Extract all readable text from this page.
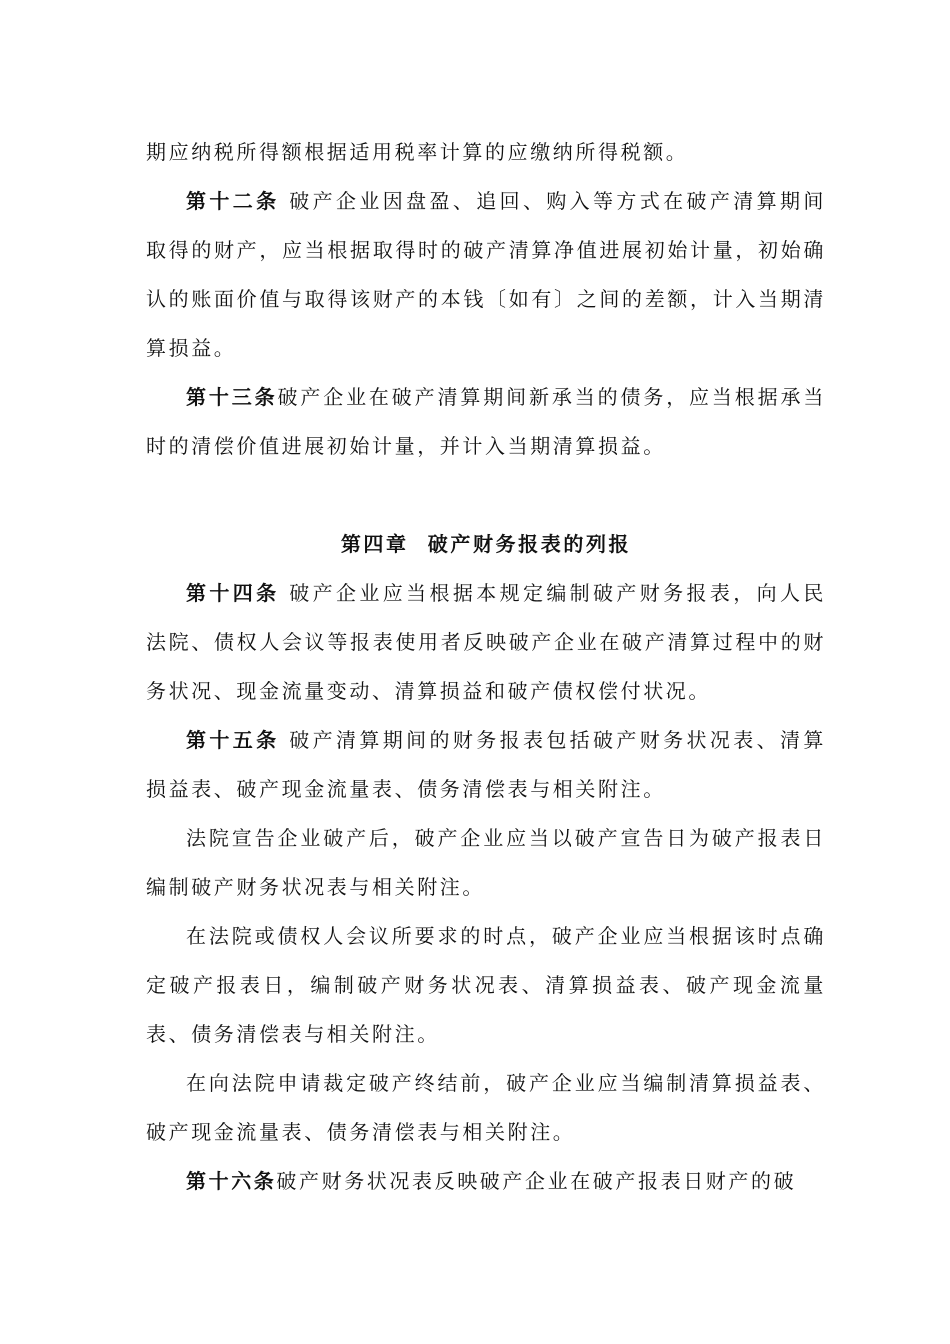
期应纳税所得额根据适用税率计算的应缴纳所得税额。

第十二条 破产企业因盘盈、追回、购入等方式在破产清算期间取得的财产，应当根据取得时的破产清算净值进展初始计量，初始确认的账面价值与取得该财产的本钱〔如有〕之间的差额，计入当期清算损益。

第十三条破产企业在破产清算期间新承当的债务，应当根据承当时的清偿价值进展初始计量，并计入当期清算损益。

第四章  破产财务报表的列报

第十四条 破产企业应当根据本规定编制破产财务报表，向人民法院、债权人会议等报表使用者反映破产企业在破产清算过程中的财务状况、现金流量变动、清算损益和破产债权偿付状况。

第十五条 破产清算期间的财务报表包括破产财务状况表、清算损益表、破产现金流量表、债务清偿表与相关附注。

法院宣告企业破产后，破产企业应当以破产宣告日为破产报表日编制破产财务状况表与相关附注。

在法院或债权人会议所要求的时点，破产企业应当根据该时点确定破产报表日，编制破产财务状况表、清算损益表、破产现金流量表、债务清偿表与相关附注。

在向法院申请裁定破产终结前，破产企业应当编制清算损益表、破产现金流量表、债务清偿表与相关附注。

第十六条破产财务状况表反映破产企业在破产报表日财产的破
